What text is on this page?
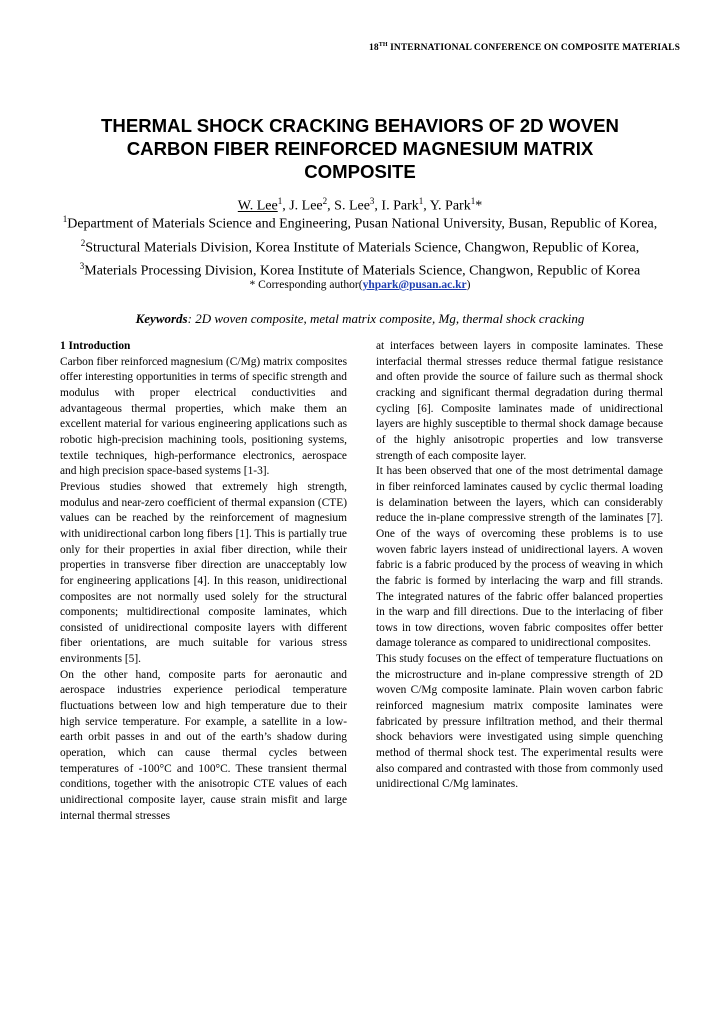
18TH INTERNATIONAL CONFERENCE ON COMPOSITE MATERIALS
THERMAL SHOCK CRACKING BEHAVIORS OF 2D WOVEN
CARBON FIBER REINFORCED MAGNESIUM MATRIX
COMPOSITE
W. Lee$^1$, J. Lee$^2$, S. Lee$^3$, I. Park$^1$, Y. Park$^1$*
$^1$Department of Materials Science and Engineering, Pusan National University, Busan, Republic of Korea, $^2$Structural Materials Division, Korea Institute of Materials Science, Changwon, Republic of Korea, $^3$Materials Processing Division, Korea Institute of Materials Science, Changwon, Republic of Korea
* Corresponding author(yhpark@pusan.ac.kr)
Keywords: 2D woven composite, metal matrix composite, Mg, thermal shock cracking

1 Introduction

Carbon fiber reinforced magnesium (C/Mg) matrix composites offer interesting opportunities in terms of specific strength and modulus with proper electrical conductivities and advantageous thermal properties, which make them an excellent material for various engineering applications such as robotic high-precision machining tools, positioning systems, textile techniques, high-performance electronics, aerospace and high precision space-based systems [1-3].

Previous studies showed that extremely high strength, modulus and near-zero coefficient of thermal expansion (CTE) values can be reached by the reinforcement of magnesium with unidirectional carbon long fibers [1]. This is partially true only for their properties in axial fiber direction, while their properties in transverse fiber direction are unacceptably low for engineering applications [4]. In this reason, unidirectional composites are not normally used solely for the structural components; multidirectional composite laminates, which consisted of unidirectional composite layers with different fiber orientations, are much suitable for various stress environments [5].

On the other hand, composite parts for aeronautic and aerospace industries experience periodical temperature fluctuations between low and high temperature due to their high service temperature. For example, a satellite in a low-earth orbit passes in and out of the earth’s shadow during operation, which can cause thermal cycles between temperatures of -100°C and 100°C. These transient thermal conditions, together with the anisotropic CTE values of each unidirectional composite layer, cause strain misfit and large internal thermal stresses

at interfaces between layers in composite laminates. These interfacial thermal stresses reduce thermal fatigue resistance and often provide the source of failure such as thermal shock cracking and significant thermal degradation during thermal cycling [6]. Composite laminates made of unidirectional layers are highly susceptible to thermal shock damage because of the highly anisotropic properties and low transverse strength of each composite layer.

It has been observed that one of the most detrimental damage in fiber reinforced laminates caused by cyclic thermal loading is delamination between the layers, which can considerably reduce the in-plane compressive strength of the laminates [7]. One of the ways of overcoming these problems is to use woven fabric layers instead of unidirectional layers. A woven fabric is a fabric produced by the process of weaving in which the fabric is formed by interlacing the warp and fill strands. The integrated natures of the fabric offer balanced properties in the warp and fill directions. Due to the interlacing of fiber tows in tow directions, woven fabric composites offer better damage tolerance as compared to unidirectional composites.

This study focuses on the effect of temperature fluctuations on the microstructure and in-plane compressive strength of 2D woven C/Mg composite laminate. Plain woven carbon fabric reinforced magnesium matrix composite laminates were fabricated by pressure infiltration method, and their thermal shock behaviors were investigated using simple quenching method of thermal shock test. The experimental results were also compared and contrasted with those from commonly used unidirectional C/Mg laminates.
